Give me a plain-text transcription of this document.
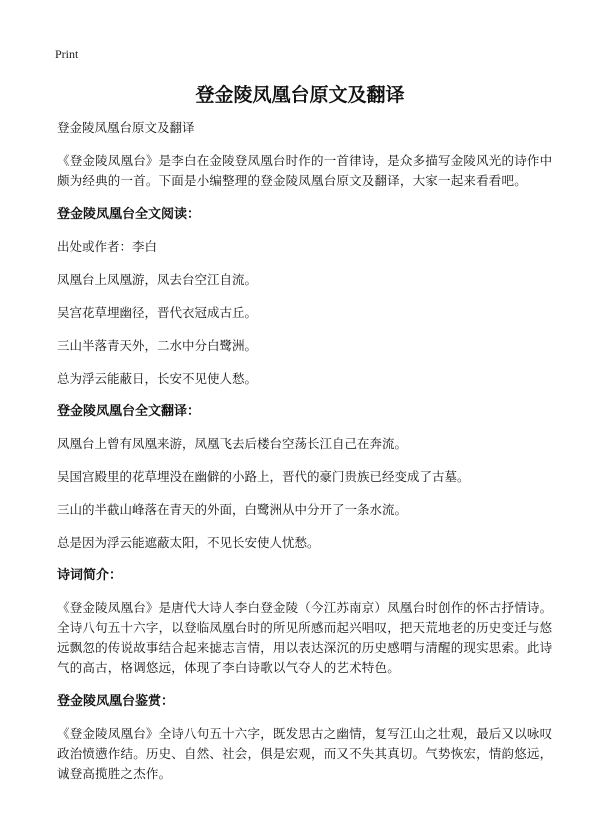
Print
登金陵凤凰台原文及翻译

登金陵凤凰台原文及翻译

《登金陵凤凰台》是李白在金陵登凤凰台时作的一首律诗，是众多描写金陵风光的诗作中颇为经典的一首。下面是小编整理的登金陵凤凰台原文及翻译，大家一起来看看吧。

登金陵凤凰台全文阅读：

出处或作者：李白

凤凰台上凤凰游，凤去台空江自流。

吴宫花草埋幽径，晋代衣冠成古丘。

三山半落青天外，二水中分白鹭洲。

总为浮云能蔽日，长安不见使人愁。

登金陵凤凰台全文翻译：

凤凰台上曾有凤凰来游，凤凰飞去后楼台空荡长江自己在奔流。

吴国宫殿里的花草埋没在幽僻的小路上，晋代的豪门贵族已经变成了古墓。

三山的半截山峰落在青天的外面，白鹭洲从中分开了一条水流。

总是因为浮云能遮蔽太阳，不见长安使人忧愁。

诗词简介：

《登金陵凤凰台》是唐代大诗人李白登金陵（今江苏南京）凤凰台时创作的怀古抒情诗。全诗八句五十六字，以登临凤凰台时的所见所感而起兴唱叹，把天荒地老的历史变迁与悠远飘忽的传说故事结合起来摅志言情，用以表达深沉的历史感喟与清醒的现实思索。此诗气的高古，格调悠远，体现了李白诗歌以气夺人的艺术特色。

登金陵凤凰台鉴赏：

《登金陵凤凰台》全诗八句五十六字，既发思古之幽情，复写江山之壮观，最后又以咏叹政治愤懑作结。历史、自然、社会，俱是宏观，而又不失其真切。气势恢宏，情韵悠远，诚登高揽胜之杰作。
